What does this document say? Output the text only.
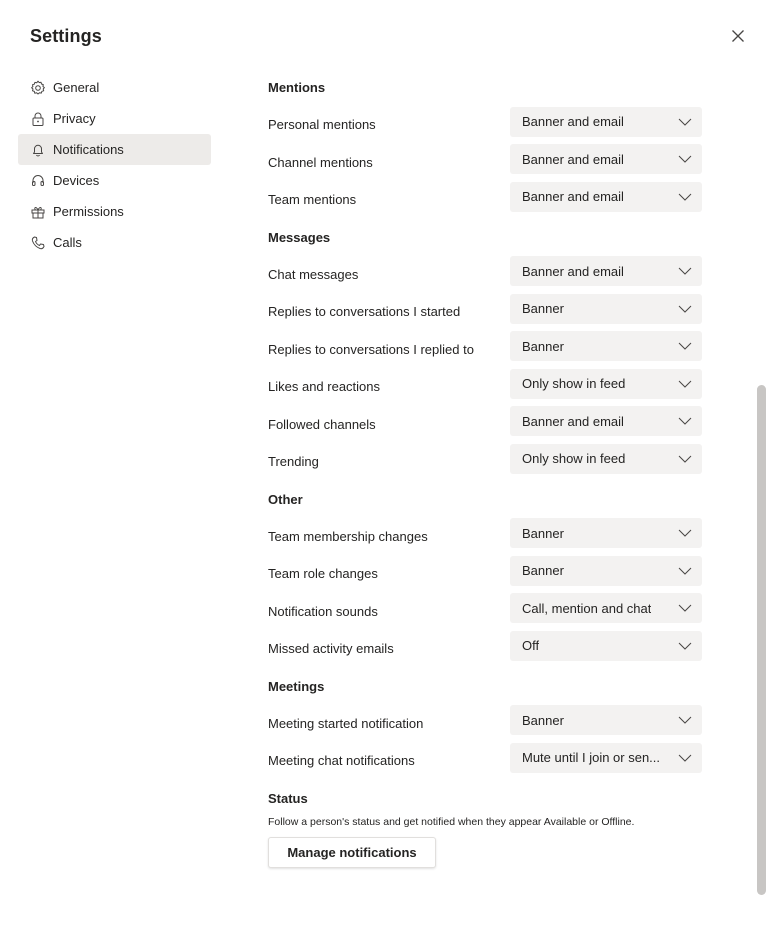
Settings
General
Privacy
Notifications
Devices
Permissions
Calls
Mentions
Personal mentions	Banner and email
Channel mentions	Banner and email
Team mentions	Banner and email
Messages
Chat messages	Banner and email
Replies to conversations I started	Banner
Replies to conversations I replied to	Banner
Likes and reactions	Only show in feed
Followed channels	Banner and email
Trending	Only show in feed
Other
Team membership changes	Banner
Team role changes	Banner
Notification sounds	Call, mention and chat
Missed activity emails	Off
Meetings
Meeting started notification	Banner
Meeting chat notifications	Mute until I join or sen...
Status
Follow a person's status and get notified when they appear Available or Offline.
Manage notifications
